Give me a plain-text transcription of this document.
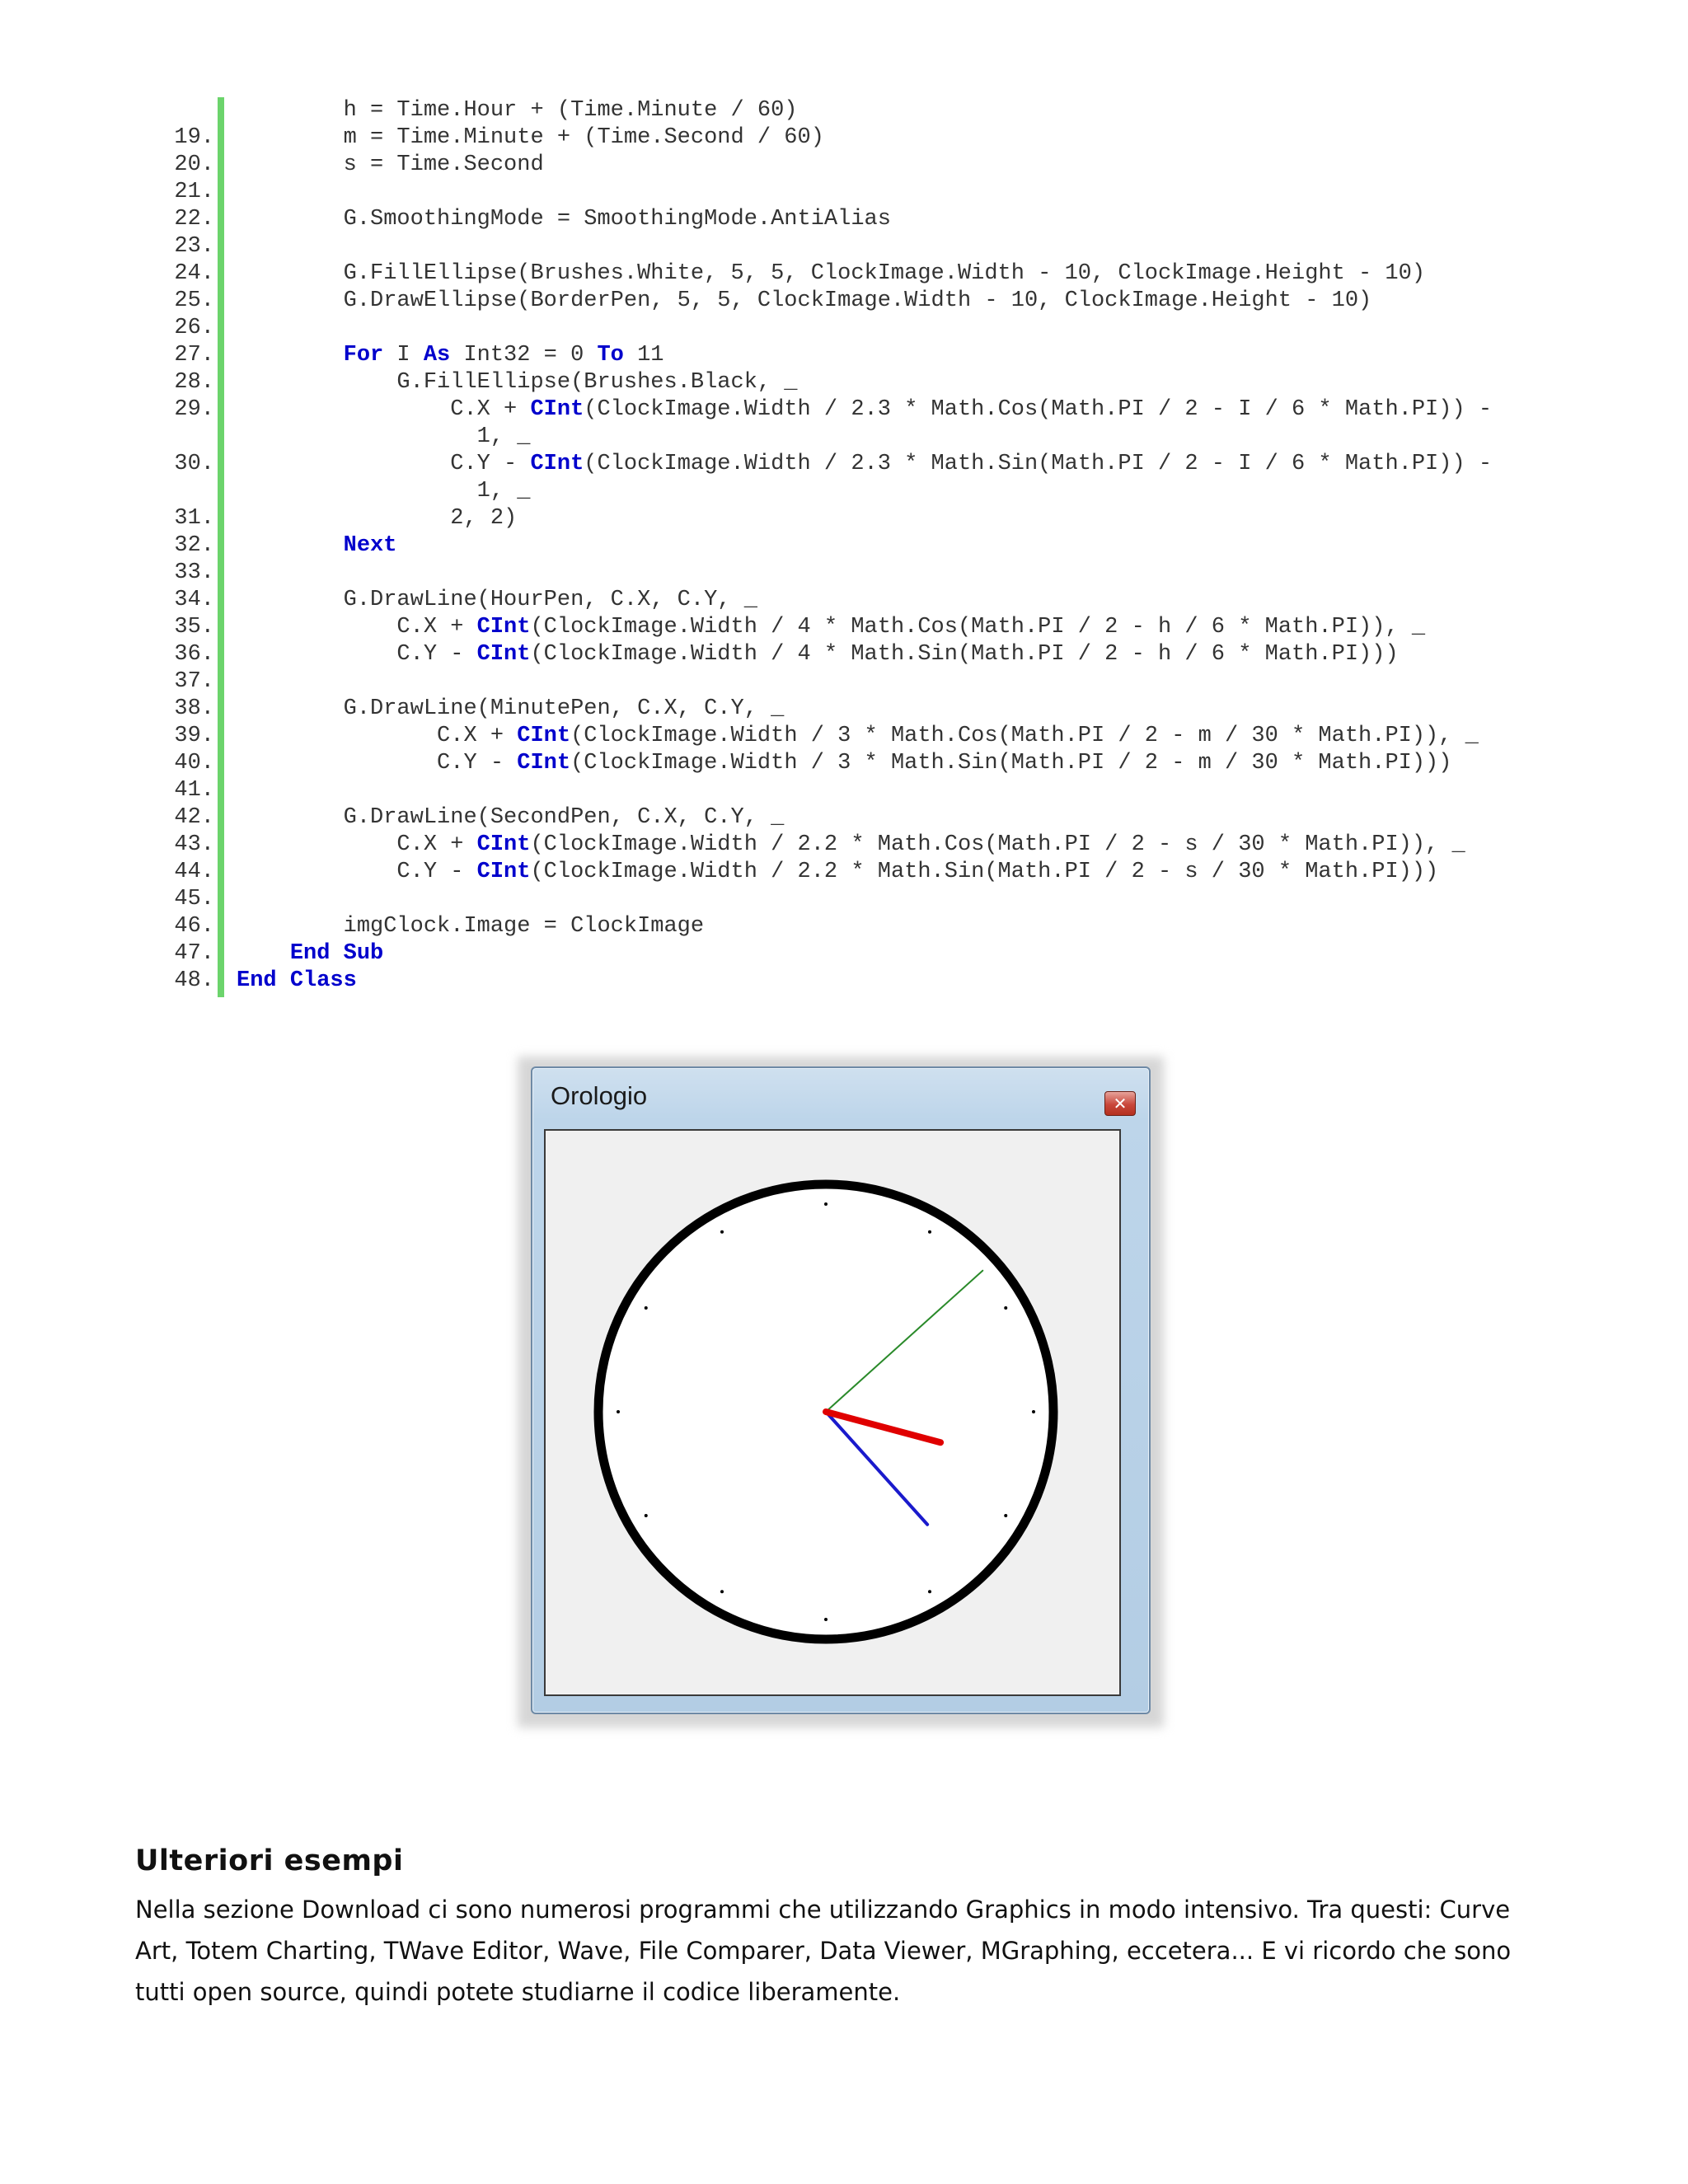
h = Time.Hour + (Time.Minute / 60)
19. m = Time.Minute + (Time.Second / 60)
20. s = Time.Second
21.
22. G.SmoothingMode = SmoothingMode.AntiAlias
23.
24. G.FillEllipse(Brushes.White, 5, 5, ClockImage.Width - 10, ClockImage.Height - 10)
25. G.DrawEllipse(BorderPen, 5, 5, ClockImage.Width - 10, ClockImage.Height - 10)
26.
27.	For I As Int32 = 0 To 11
28. G.FillEllipse(Brushes.Black, _
29. C.X + CInt(ClockImage.Width / 2.3 * Math.Cos(Math.PI / 2 - I / 6 * Math.PI)) -
1, _
30. C.Y - CInt(ClockImage.Width / 2.3 * Math.Sin(Math.PI / 2 - I / 6 * Math.PI)) -
1, _
31. 2, 2)
32.	Next
33.
34. G.DrawLine(HourPen, C.X, C.Y, _
35. C.X + CInt(ClockImage.Width / 4 * Math.Cos(Math.PI / 2 - h / 6 * Math.PI)), _
36. C.Y - CInt(ClockImage.Width / 4 * Math.Sin(Math.PI / 2 - h / 6 * Math.PI)))
37.
38. G.DrawLine(MinutePen, C.X, C.Y, _
39. C.X + CInt(ClockImage.Width / 3 * Math.Cos(Math.PI / 2 - m / 30 * Math.PI)), _
40. C.Y - CInt(ClockImage.Width / 3 * Math.Sin(Math.PI / 2 - m / 30 * Math.PI)))
41.
42. G.DrawLine(SecondPen, C.X, C.Y, _
43. C.X + CInt(ClockImage.Width / 2.2 * Math.Cos(Math.PI / 2 - s / 30 * Math.PI)), _
44. C.Y - CInt(ClockImage.Width / 2.2 * Math.Sin(Math.PI / 2 - s / 30 * Math.PI)))
45.
46. imgClock.Image = ClockImage
47.	End Sub
48. End Class
Orologio	✕
Ulteriori esempi

Nella sezione Download ci sono numerosi programmi che utilizzando Graphics in modo intensivo. Tra questi: Curve Art, Totem Charting, TWave Editor, Wave, File Comparer, Data Viewer, MGraphing, eccetera... E vi ricordo che sono tutti open source, quindi potete studiarne il codice liberamente.
